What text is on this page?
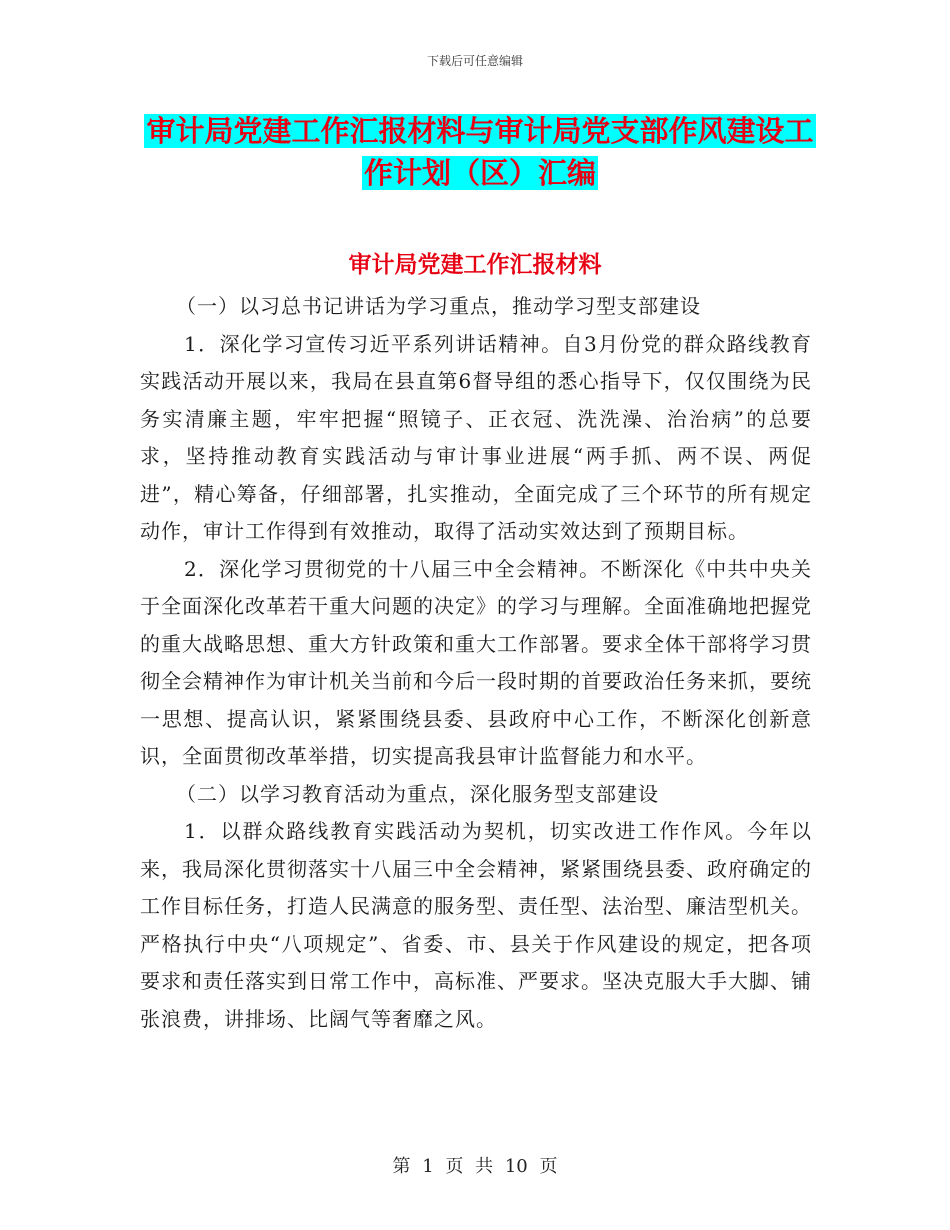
下载后可任意编辑
审计局党建工作汇报材料与审计局党支部作风建设工
作计划（区）汇编
审计局党建工作汇报材料

（一）以习总书记讲话为学习重点，推动学习型支部建设

1．深化学习宣传习近平系列讲话精神。自3月份党的群众路线教育实践活动开展以来，我局在县直第6督导组的悉心指导下，仅仅围绕为民务实清廉主题，牢牢把握“照镜子、正衣冠、洗洗澡、治治病”的总要求，坚持推动教育实践活动与审计事业进展“两手抓、两不误、两促进”，精心筹备，仔细部署，扎实推动，全面完成了三个环节的所有规定动作，审计工作得到有效推动，取得了活动实效达到了预期目标。

2．深化学习贯彻党的十八届三中全会精神。不断深化《中共中央关于全面深化改革若干重大问题的决定》的学习与理解。全面准确地把握党的重大战略思想、重大方针政策和重大工作部署。要求全体干部将学习贯彻全会精神作为审计机关当前和今后一段时期的首要政治任务来抓，要统一思想、提高认识，紧紧围绕县委、县政府中心工作，不断深化创新意识，全面贯彻改革举措，切实提高我县审计监督能力和水平。

（二）以学习教育活动为重点，深化服务型支部建设

1．以群众路线教育实践活动为契机，切实改进工作作风。今年以来，我局深化贯彻落实十八届三中全会精神，紧紧围绕县委、政府确定的工作目标任务，打造人民满意的服务型、责任型、法治型、廉洁型机关。严格执行中央“八项规定”、省委、市、县关于作风建设的规定，把各项要求和责任落实到日常工作中，高标准、严要求。坚决克服大手大脚、铺张浪费，讲排场、比阔气等奢靡之风。

第 1 页 共 10 页
